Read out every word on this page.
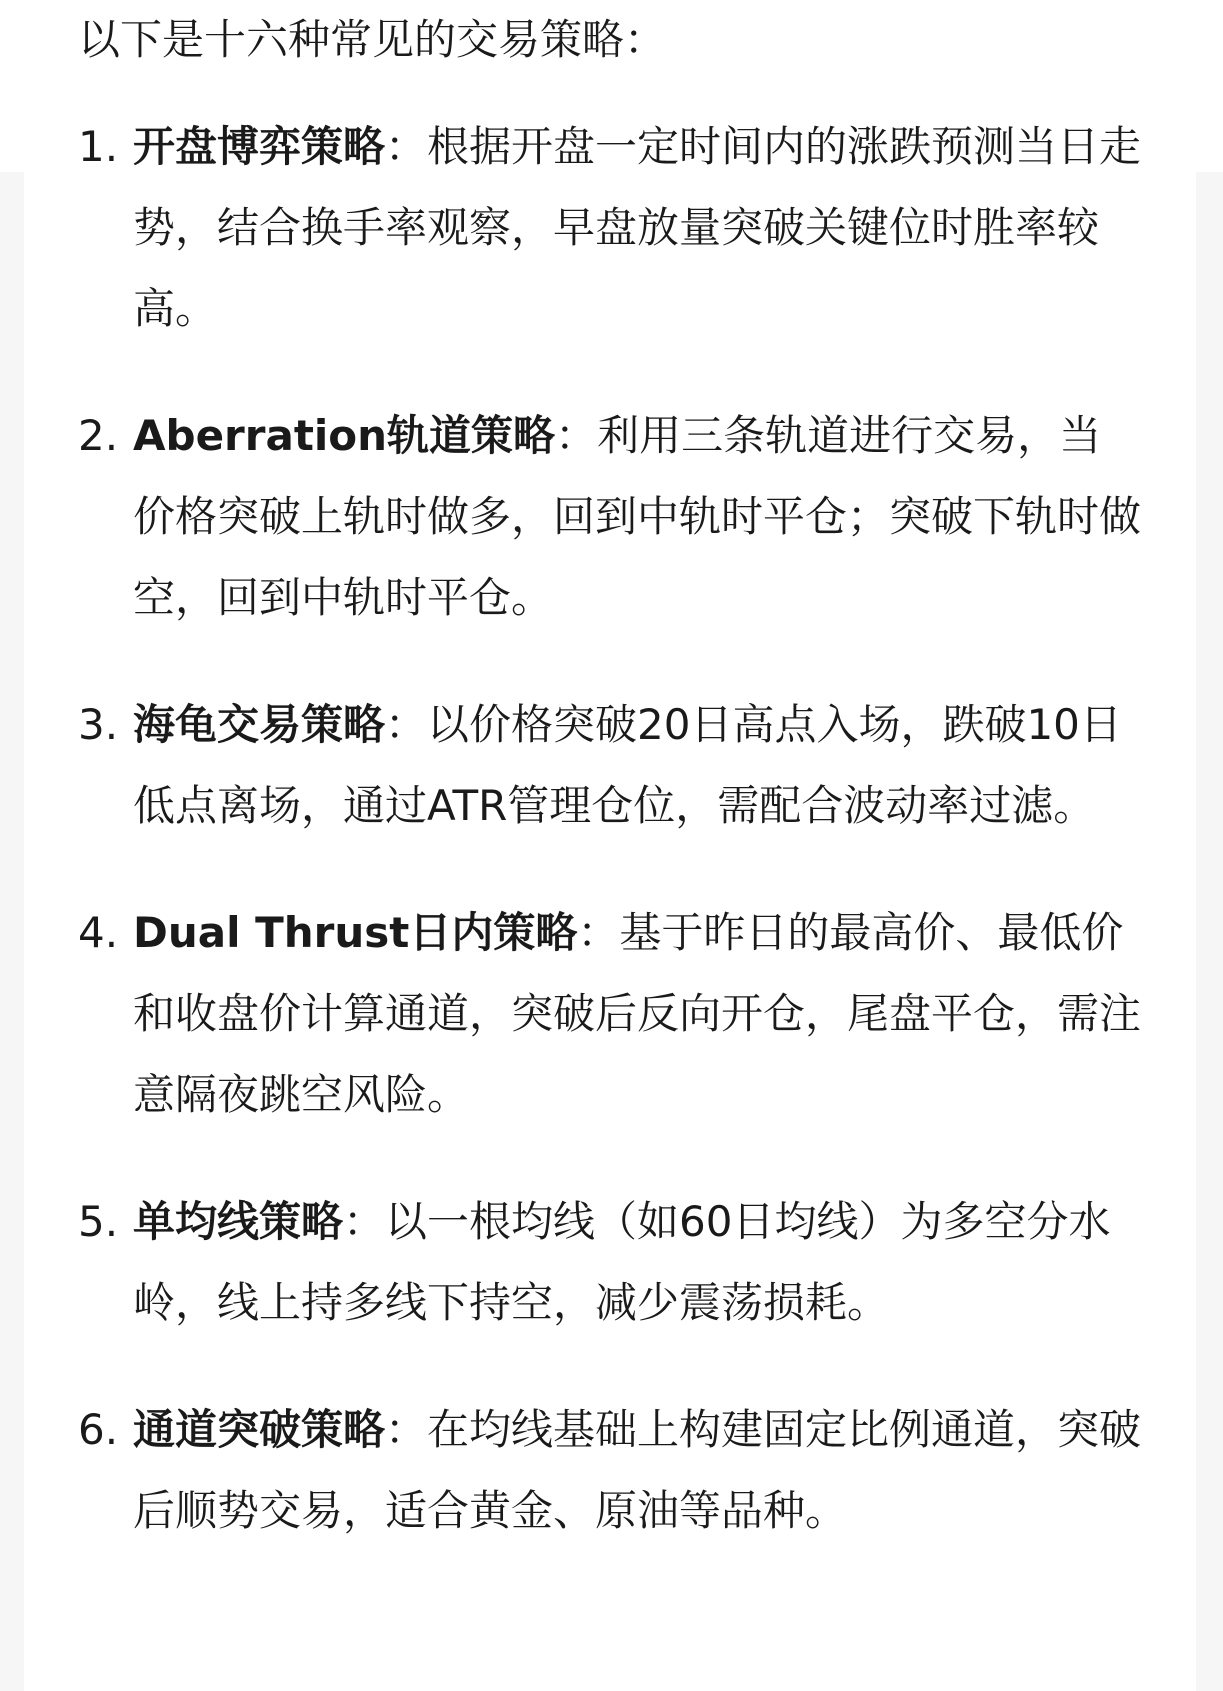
以下是十六种常见的交易策略：

1. 开盘博弈策略：根据开盘一定时间内的涨跌预测当日走势，结合换手率观察，早盘放量突破关键位时胜率较高。
2. Aberration轨道策略：利用三条轨道进行交易，当价格突破上轨时做多，回到中轨时平仓；突破下轨时做空，回到中轨时平仓。
3. 海龟交易策略：以价格突破20日高点入场，跌破10日低点离场，通过ATR管理仓位，需配合波动率过滤。
4. Dual Thrust日内策略：基于昨日的最高价、最低价和收盘价计算通道，突破后反向开仓，尾盘平仓，需注意隔夜跳空风险。
5. 单均线策略：以一根均线（如60日均线）为多空分水岭，线上持多线下持空，减少震荡损耗。
6. 通道突破策略：在均线基础上构建固定比例通道，突破后顺势交易，适合黄金、原油等品种。
